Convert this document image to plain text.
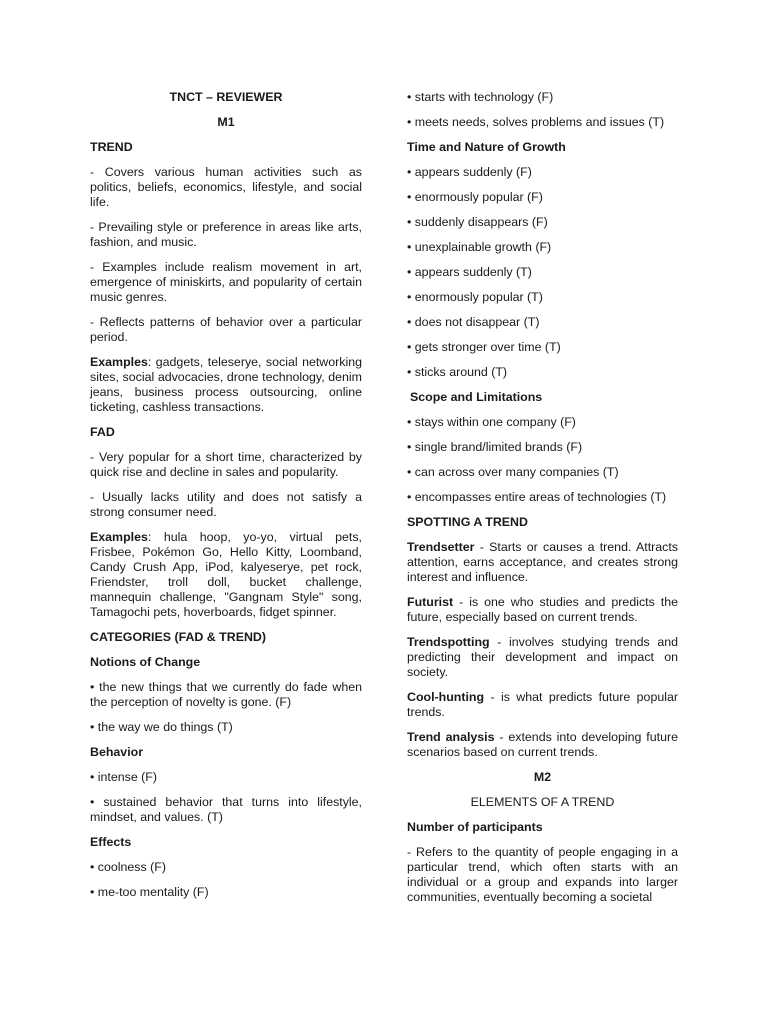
TNCT – REVIEWER

M1

TREND

- Covers various human activities such as politics, beliefs, economics, lifestyle, and social life.

- Prevailing style or preference in areas like arts, fashion, and music.

- Examples include realism movement in art, emergence of miniskirts, and popularity of certain music genres.

- Reflects patterns of behavior over a particular period.

Examples: gadgets, teleserye, social networking sites, social advocacies, drone technology, denim jeans, business process outsourcing, online ticketing, cashless transactions.

FAD

- Very popular for a short time, characterized by quick rise and decline in sales and popularity.

- Usually lacks utility and does not satisfy a strong consumer need.

Examples: hula hoop, yo-yo, virtual pets, Frisbee, Pokémon Go, Hello Kitty, Loomband, Candy Crush App, iPod, kalyeserye, pet rock, Friendster, troll doll, bucket challenge, mannequin challenge, "Gangnam Style" song, Tamagochi pets, hoverboards, fidget spinner.

CATEGORIES (FAD & TREND)

Notions of Change

• the new things that we currently do fade when the perception of novelty is gone. (F)

• the way we do things (T)

Behavior

• intense (F)

• sustained behavior that turns into lifestyle, mindset, and values. (T)

Effects

• coolness (F)

• me-too mentality (F)

• starts with technology (F)

• meets needs, solves problems and issues (T)

Time and Nature of Growth

• appears suddenly (F)

• enormously popular (F)

• suddenly disappears (F)

• unexplainable growth (F)

• appears suddenly (T)

• enormously popular (T)

• does not disappear (T)

• gets stronger over time (T)

• sticks around (T)

Scope and Limitations

• stays within one company (F)

• single brand/limited brands (F)

• can across over many companies (T)

• encompasses entire areas of technologies (T)

SPOTTING A TREND

Trendsetter - Starts or causes a trend. Attracts attention, earns acceptance, and creates strong interest and influence.

Futurist - is one who studies and predicts the future, especially based on current trends.

Trendspotting - involves studying trends and predicting their development and impact on society.

Cool-hunting - is what predicts future popular trends.

Trend analysis - extends into developing future scenarios based on current trends.

M2

ELEMENTS OF A TREND

Number of participants

- Refers to the quantity of people engaging in a particular trend, which often starts with an individual or a group and expands into larger communities, eventually becoming a societal
